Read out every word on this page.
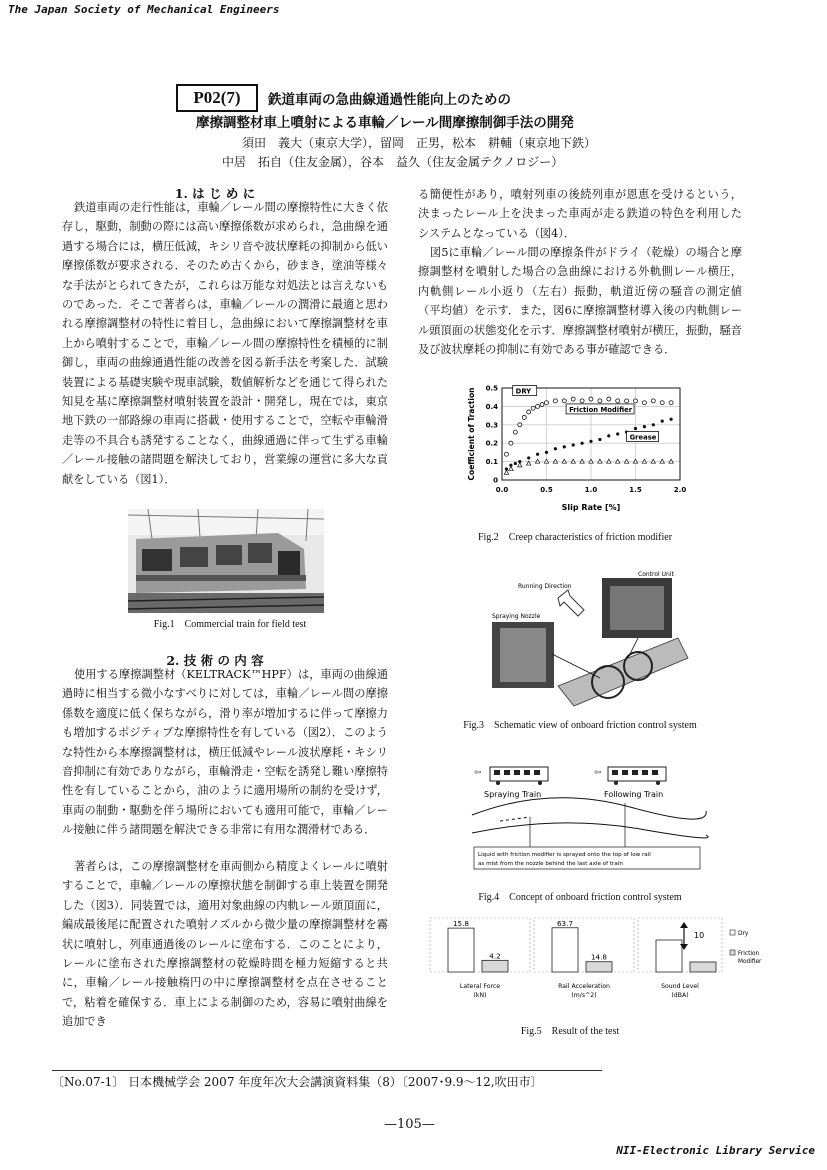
The Japan Society of Mechanical Engineers
NII-Electronic Library Service
P02(7)	鉄道車両の急曲線通過性能向上のための
摩擦調整材車上噴射による車輪／レール間摩擦制御手法の開発
須田　義大（東京大学），留岡　正男，松本　耕輔（東京地下鉄）
中居　拓自（住友金属），谷本　益久（住友金属テクノロジー）
1. は じ め に
鉄道車両の走行性能は，車輪／レール間の摩擦特性に大きく依存し，駆動，制動の際には高い摩擦係数が求められ，急曲線を通過する場合には，横圧低減，キシリ音や波状摩耗の抑制から低い摩擦係数が要求される．そのため古くから，砂まき，塗油等様々な手法がとられてきたが，これらは万能な対処法とは言えないものであった．そこで著者らは，車輪／レールの潤滑に最適と思われる摩擦調整材の特性に着目し，急曲線において摩擦調整材を車上から噴射することで，車輪／レール間の摩擦特性を積極的に制御し，車両の曲線通過性能の改善を図る新手法を考案した．試験装置による基礎実験や現車試験，数値解析などを通じて得られた知見を基に摩擦調整材噴射装置を設計・開発し，現在では，東京地下鉄の一部路線の車両に搭載・使用することで，空転や車輪滑走等の不具合も誘発することなく，曲線通過に伴って生ずる車輪／レール接触の諸問題を解決しており，営業線の運営に多大な貢献をしている（図1）．
Fig.1　Commercial train for field test
2. 技 術 の 内 容
使用する摩擦調整材（KELTRACK™HPF）は，車両の曲線通過時に相当する微小なすべりに対しては，車輪／レール間の摩擦係数を適度に低く保ちながら，滑り率が増加するに伴って摩擦力も増加するポジティブな摩擦特性を有している（図2）．このような特性から本摩擦調整材は，横圧低減やレール波状摩耗・キシリ音抑制に有効でありながら，車輪滑走・空転を誘発し難い摩擦特性を有していることから，油のように適用場所の制約を受けず，車両の制動・駆動を伴う場所においても適用可能で，車輪／レール接触に伴う諸問題を解決できる非常に有用な潤滑材である．
著者らは，この摩擦調整材を車両側から精度よくレールに噴射することで，車輪／レールの摩擦状態を制御する車上装置を開発した（図3）．同装置では，適用対象曲線の内軌レール頭頂面に，編成最後尾に配置された噴射ノズルから微少量の摩擦調整材を霧状に噴射し，列車通過後のレールに塗布する．このことにより，レールに塗布された摩擦調整材の乾燥時間を極力短縮すると共に，車輪／レール接触楕円の中に摩擦調整材を点在させることで，粘着を確保する．車上による制御のため，容易に噴射曲線を追加でき
る簡便性があり，噴射列車の後続列車が恩恵を受けるという，決まったレール上を決まった車両が走る鉄道の特色を利用したシステムとなっている（図4）．
図5に車輪／レール間の摩擦条件がドライ（乾燥）の場合と摩擦調整材を噴射した場合の急曲線における外軌側レール横圧，内軌側レール小返り（左右）振動，軌道近傍の騒音の測定値（平均値）を示す．また，図6に摩擦調整材導入後の内軌側レール頭頂面の状態変化を示す．摩擦調整材噴射が横圧，振動，騒音及び波状摩耗の抑制に有効である事が確認できる．
0
0.1
0.2
0.3
0.4
0.5
0.0	0.5	1.0	1.5	2.0
Slip Rate [%]
Coefficient of Traction	DRY
Friction Modifier
Grease
Fig.2　Creep characteristics of friction modifier
Control Unit
Running Direction
Spraying Nozzle
Fig.3　Schematic view of onboard friction control system
⇦	⇦
Spraying Train	Following Train
Liquid with friction modifier is sprayed onto the top of low rail
as mist from the nozzle behind the last axle of train
Fig.4　Concept of onboard friction control system
15.8
4.2
63.7
14.8
Lateral Force
(kN)
Rail Acceleration
(m/s^2)
Sound Level
(dBA)
Dry
Friction
Modifier
10
Fig.5　Result of the test
〔No.07-1〕 日本機械学会 2007 年度年次大会講演資料集（8）〔2007･9.9～12,吹田市〕
—105—
